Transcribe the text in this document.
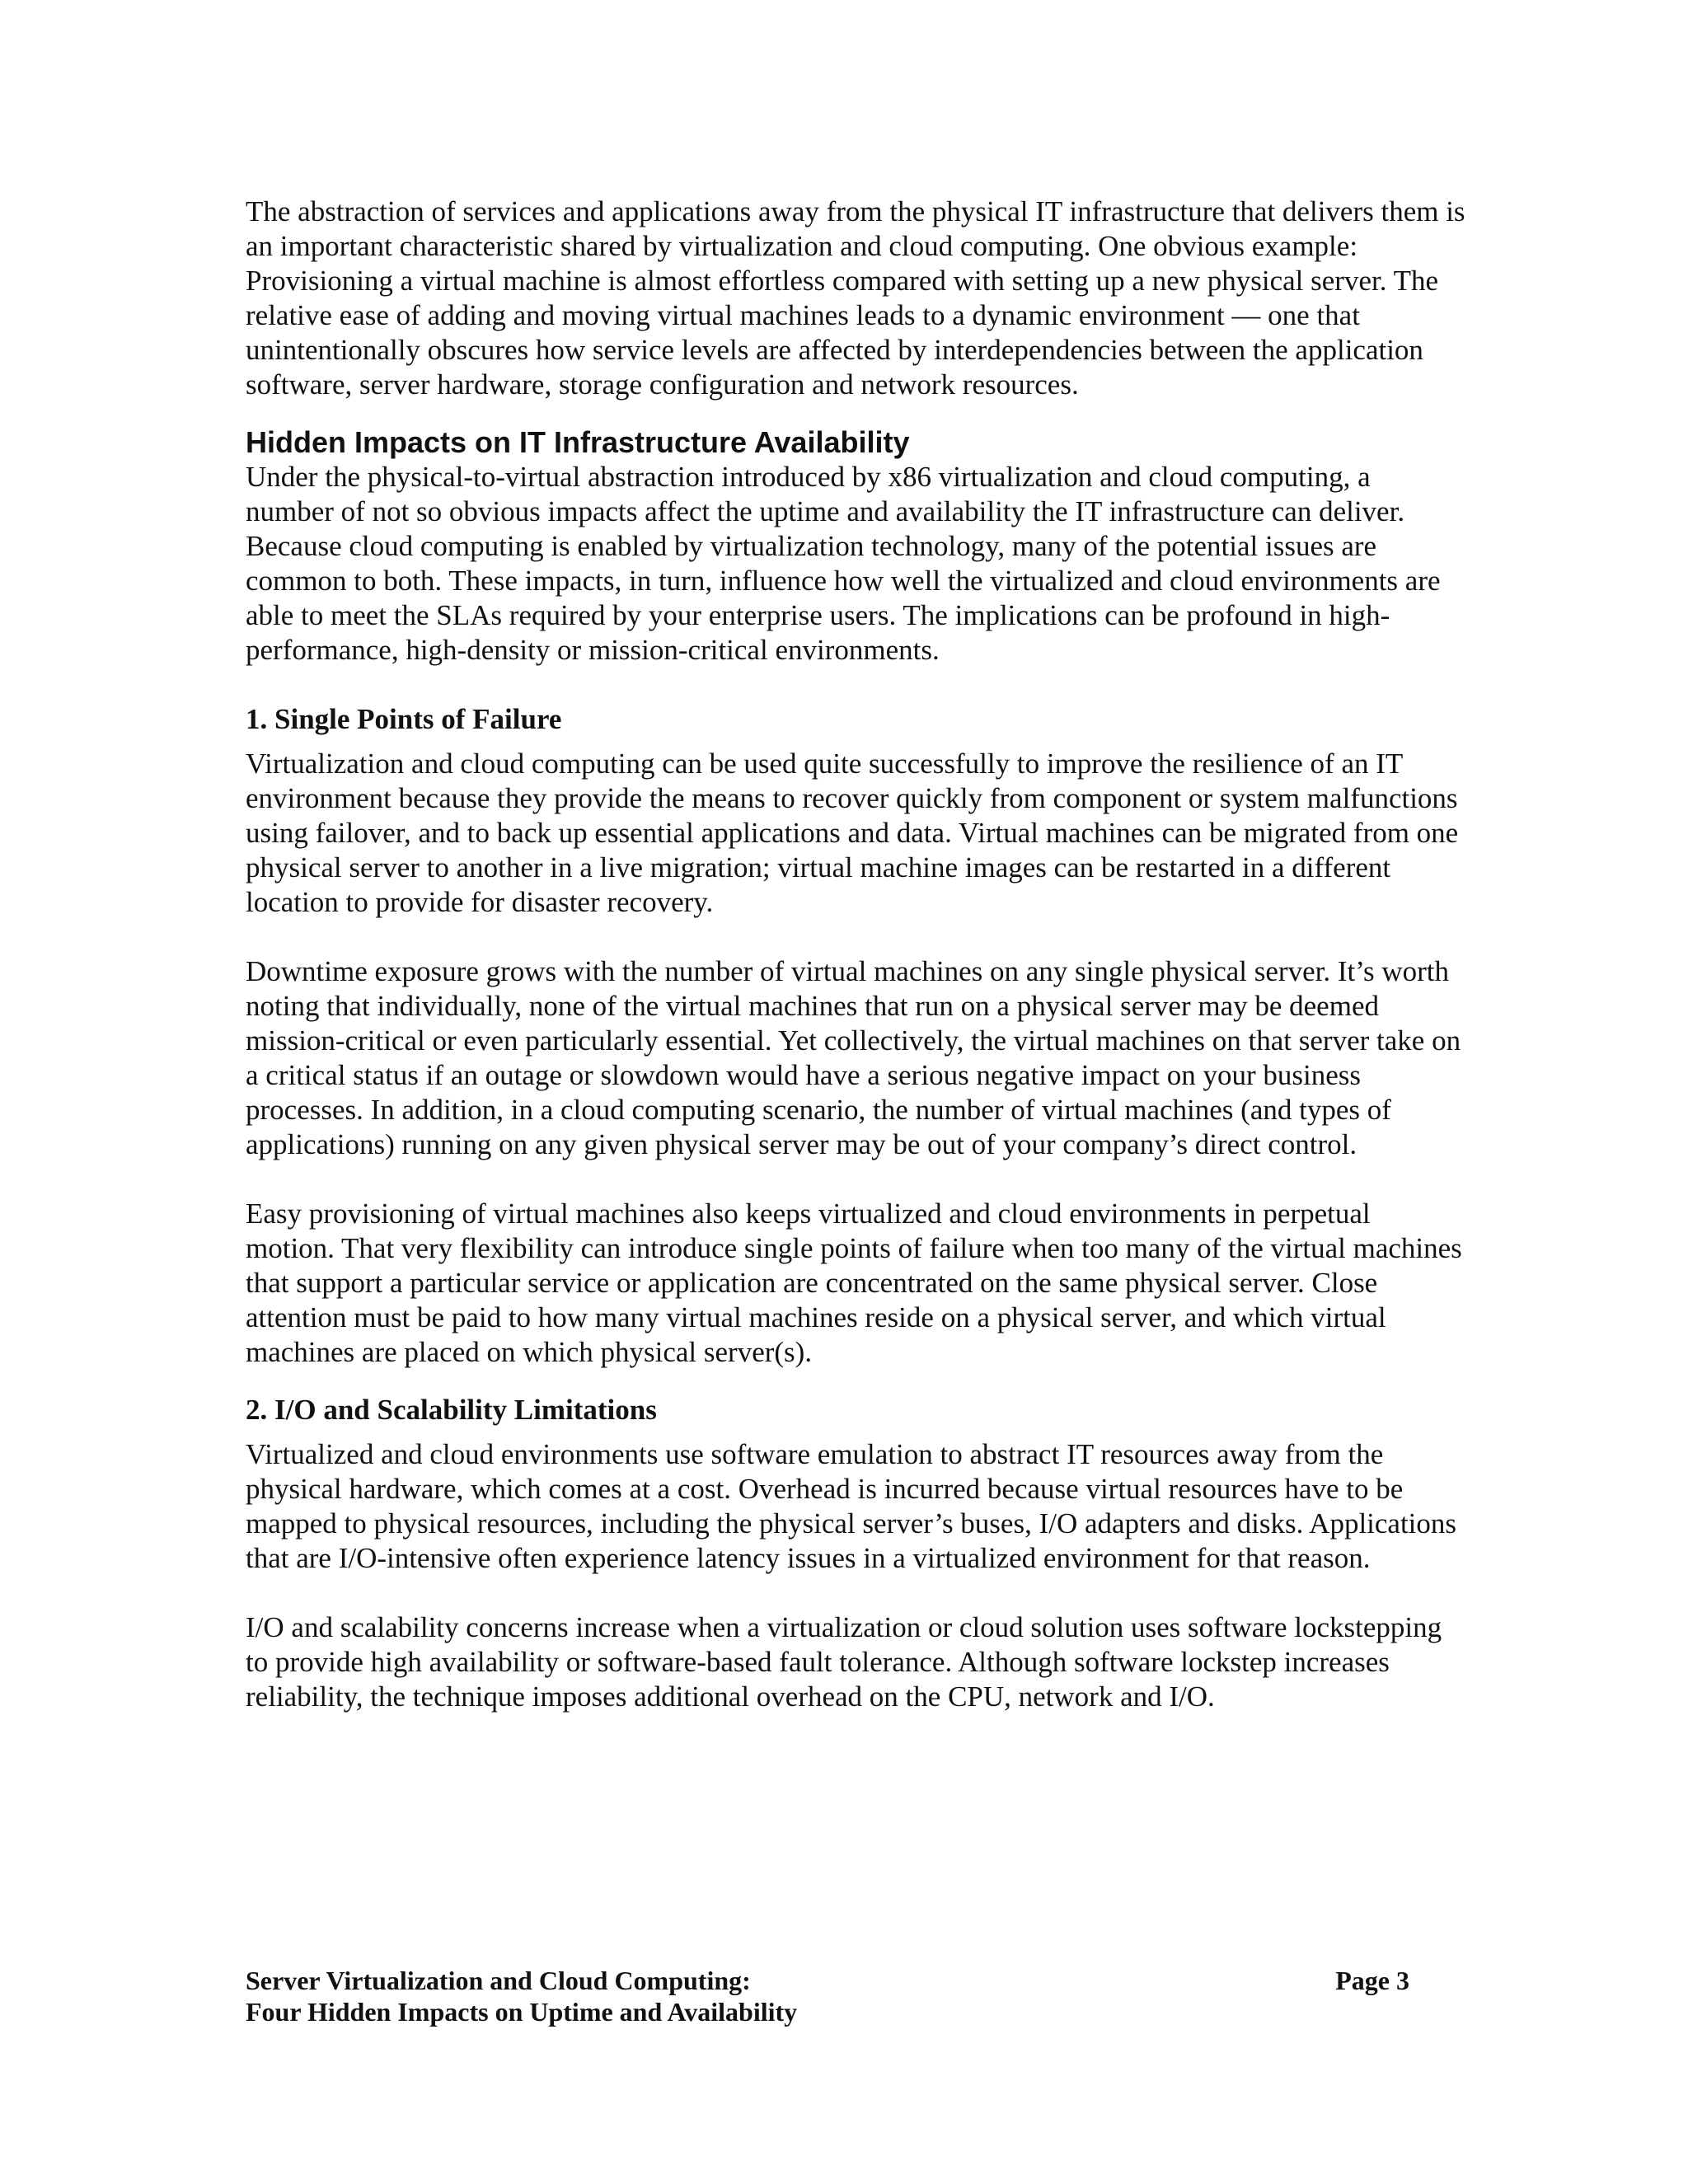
The abstraction of services and applications away from the physical IT infrastructure that delivers them is an important characteristic shared by virtualization and cloud computing. One obvious example: Provisioning a virtual machine is almost effortless compared with setting up a new physical server. The relative ease of adding and moving virtual machines leads to a dynamic environment — one that unintentionally obscures how service levels are affected by interdependencies between the application software, server hardware, storage configuration and network resources.

Hidden Impacts on IT Infrastructure Availability

Under the physical-to-virtual abstraction introduced by x86 virtualization and cloud computing, a number of not so obvious impacts affect the uptime and availability the IT infrastructure can deliver. Because cloud computing is enabled by virtualization technology, many of the potential issues are common to both. These impacts, in turn, influence how well the virtualized and cloud environments are able to meet the SLAs required by your enterprise users. The implications can be profound in high-performance, high-density or mission-critical environments.

1. Single Points of Failure

Virtualization and cloud computing can be used quite successfully to improve the resilience of an IT environment because they provide the means to recover quickly from component or system malfunctions using failover, and to back up essential applications and data. Virtual machines can be migrated from one physical server to another in a live migration; virtual machine images can be restarted in a different location to provide for disaster recovery.

Downtime exposure grows with the number of virtual machines on any single physical server. It’s worth noting that individually, none of the virtual machines that run on a physical server may be deemed mission-critical or even particularly essential. Yet collectively, the virtual machines on that server take on a critical status if an outage or slowdown would have a serious negative impact on your business processes. In addition, in a cloud computing scenario, the number of virtual machines (and types of applications) running on any given physical server may be out of your company’s direct control.

Easy provisioning of virtual machines also keeps virtualized and cloud environments in perpetual motion. That very flexibility can introduce single points of failure when too many of the virtual machines that support a particular service or application are concentrated on the same physical server. Close attention must be paid to how many virtual machines reside on a physical server, and which virtual machines are placed on which physical server(s).

2. I/O and Scalability Limitations

Virtualized and cloud environments use software emulation to abstract IT resources away from the physical hardware, which comes at a cost. Overhead is incurred because virtual resources have to be mapped to physical resources, including the physical server’s buses, I/O adapters and disks. Applications that are I/O-intensive often experience latency issues in a virtualized environment for that reason.

I/O and scalability concerns increase when a virtualization or cloud solution uses software lockstepping to provide high availability or software-based fault tolerance. Although software lockstep increases reliability, the technique imposes additional overhead on the CPU, network and I/O.

Server Virtualization and Cloud Computing:
Four Hidden Impacts on Uptime and Availability
Page 3
